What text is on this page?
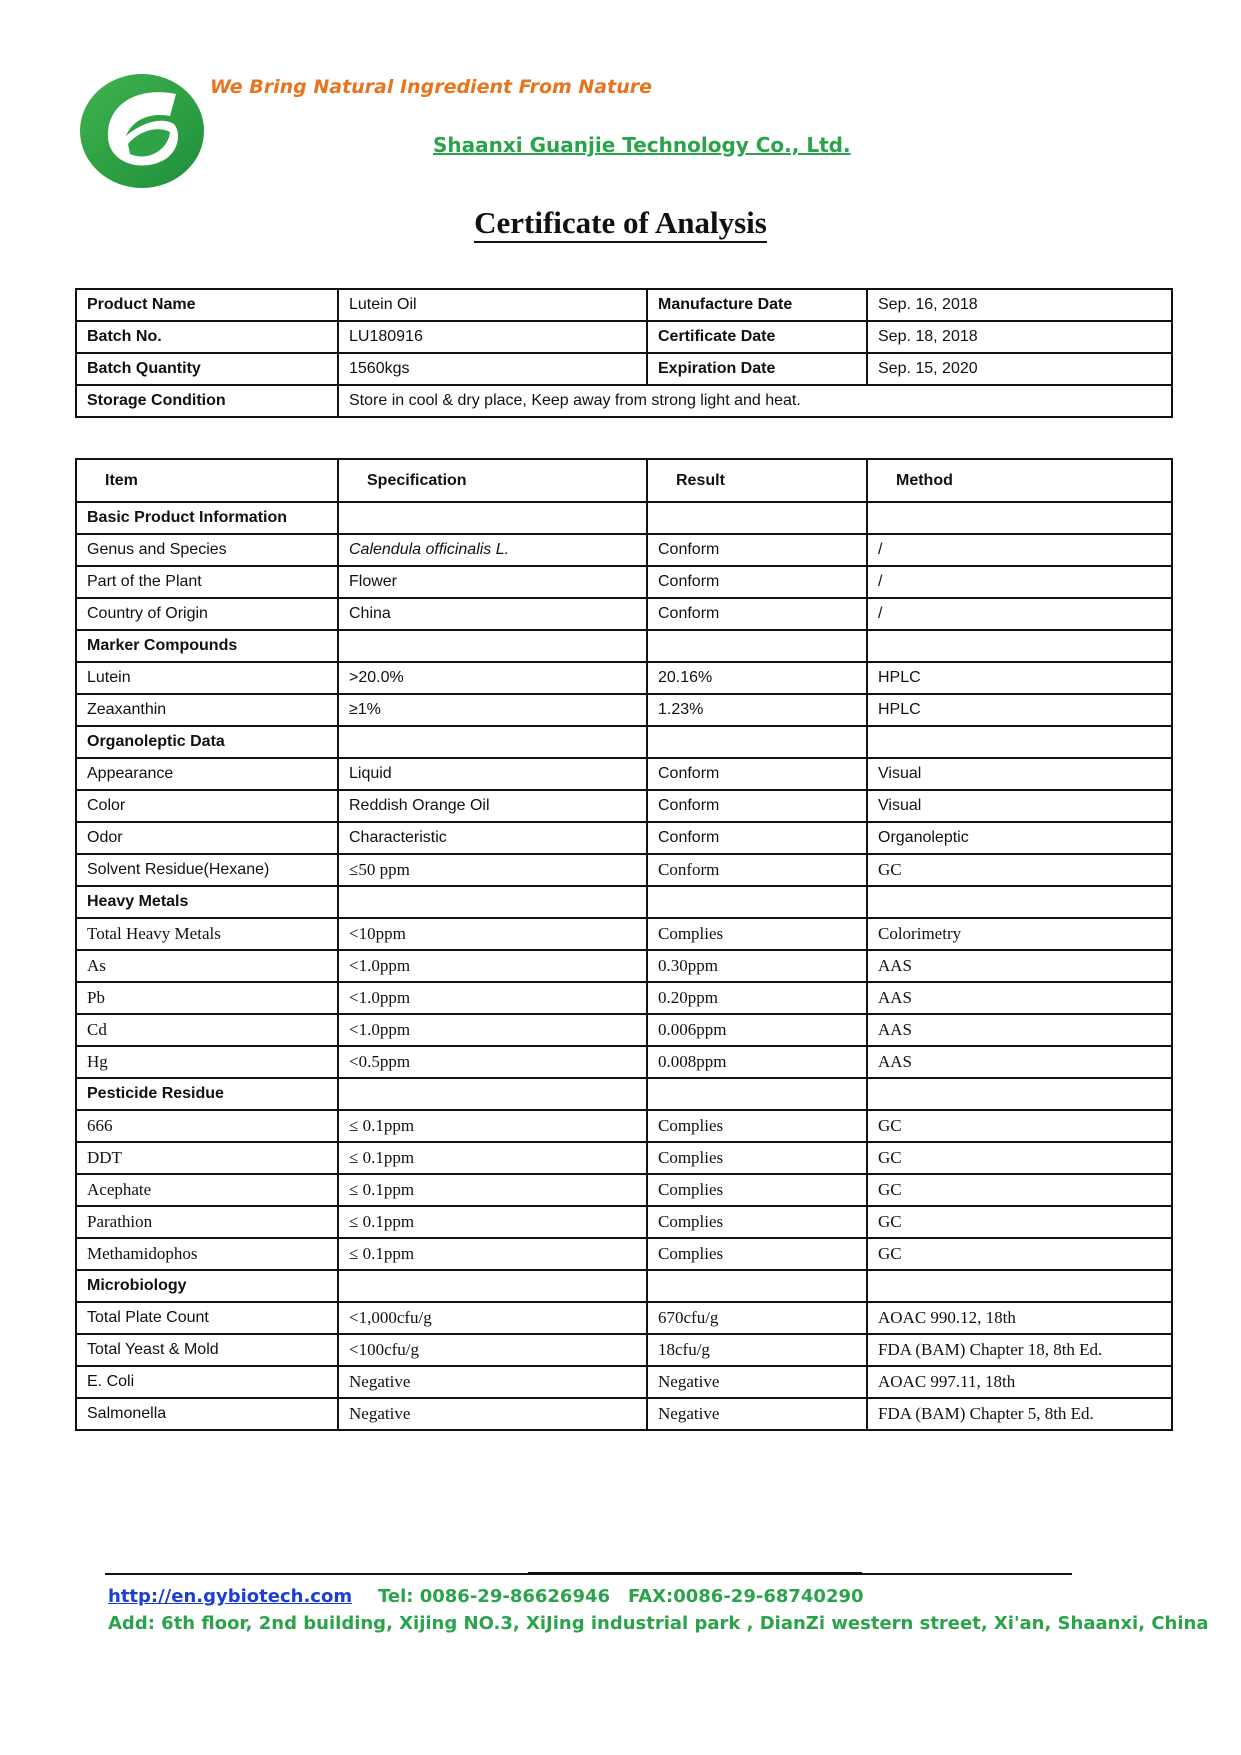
We Bring Natural Ingredient From Nature
Shaanxi Guanjie Technology Co., Ltd.
Certificate of Analysis
Product Name	Lutein Oil	Manufacture Date	Sep. 16, 2018
Batch No.	LU180916	Certificate Date	Sep. 18, 2018
Batch Quantity	1560kgs	Expiration Date	Sep. 15, 2020
Storage Condition	Store in cool & dry place, Keep away from strong light and heat.		
Item	Specification	Result	Method
Basic Product Information			
Genus and Species	Calendula officinalis L.	Conform	/
Part of the Plant	Flower	Conform	/
Country of Origin	China	Conform	/
Marker Compounds			
Lutein	>20.0%	20.16%	HPLC
Zeaxanthin	≥1%	1.23%	HPLC
Organoleptic Data			
Appearance	Liquid	Conform	Visual
Color	Reddish Orange Oil	Conform	Visual
Odor	Characteristic	Conform	Organoleptic
Solvent Residue(Hexane)	≤50 ppm	Conform	GC
Heavy Metals			
Total Heavy Metals	<10ppm	Complies	Colorimetry
As	<1.0ppm	0.30ppm	AAS
Pb	<1.0ppm	0.20ppm	AAS
Cd	<1.0ppm	0.006ppm	AAS
Hg	<0.5ppm	0.008ppm	AAS
Pesticide Residue			
666	≤ 0.1ppm	Complies	GC
DDT	≤ 0.1ppm	Complies	GC
Acephate	≤ 0.1ppm	Complies	GC
Parathion	≤ 0.1ppm	Complies	GC
Methamidophos	≤ 0.1ppm	Complies	GC
Microbiology			
Total Plate Count	<1,000cfu/g	670cfu/g	AOAC 990.12, 18th
Total Yeast & Mold	<100cfu/g	18cfu/g	FDA (BAM) Chapter 18, 8th Ed.
E. Coli	Negative	Negative	AOAC 997.11, 18th
Salmonella	Negative	Negative	FDA (BAM) Chapter 5, 8th Ed.
http://en.gybiotech.com Tel: 0086-29-86626946 FAX:0086-29-68740290
Add: 6th floor, 2nd building, Xijing NO.3, XiJing industrial park , DianZi western street, Xi'an, Shaanxi, China
